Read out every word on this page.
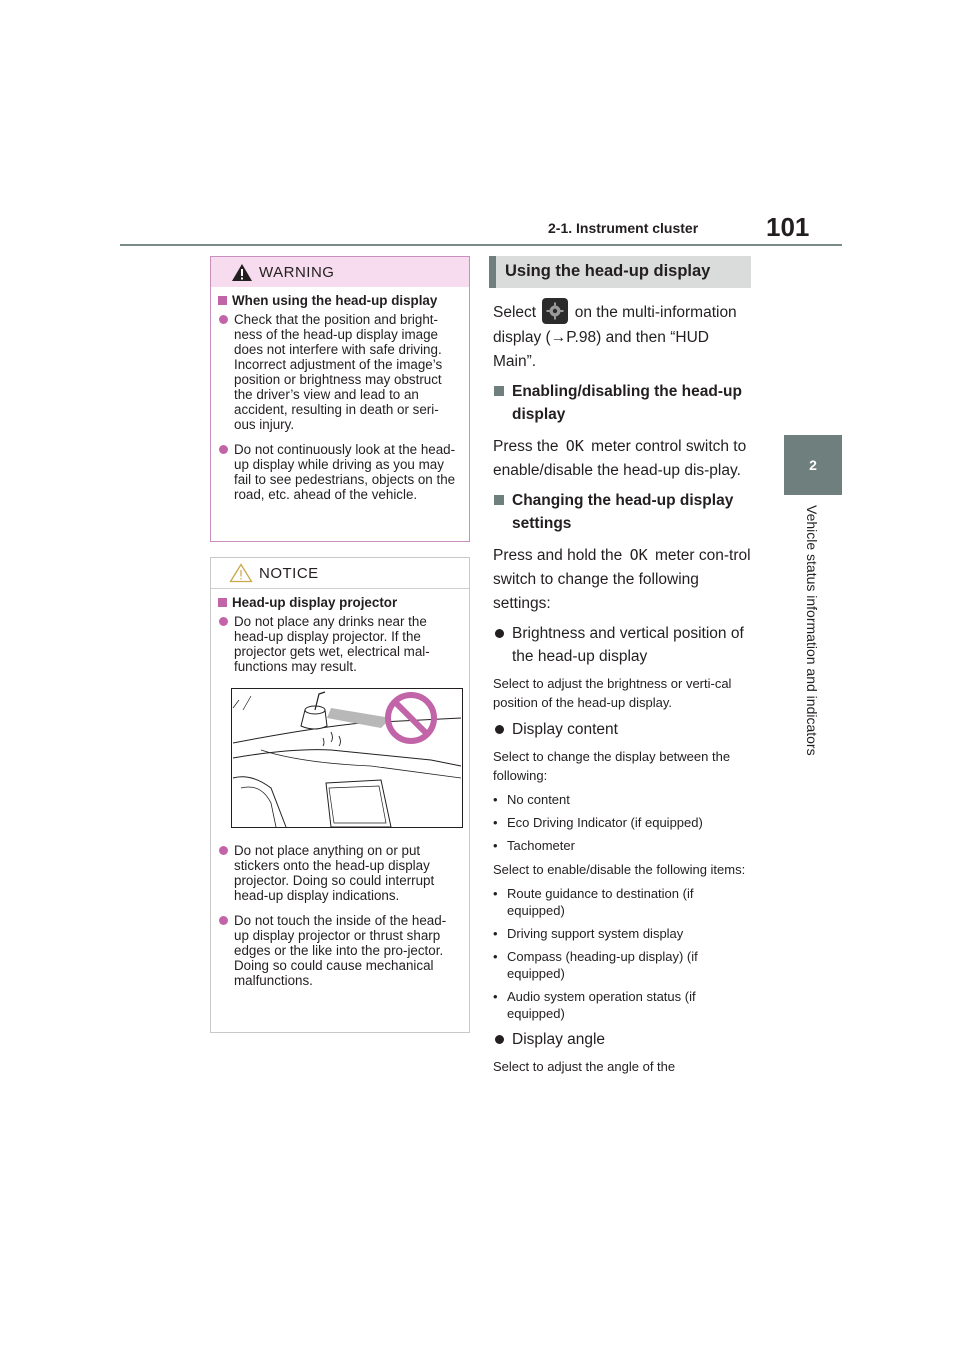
2-1. Instrument cluster	101
2
Vehicle status information and indicators
WARNING
When using the head-up display
Check that the position and bright-ness of the head-up display image does not interfere with safe driving. Incorrect adjustment of the image’s position or brightness may obstruct the driver’s view and lead to an accident, resulting in death or seri-ous injury.
Do not continuously look at the head-up display while driving as you may fail to see pedestrians, objects on the road, etc. ahead of the vehicle.
NOTICE
Head-up display projector
Do not place any drinks near the head-up display projector. If the projector gets wet, electrical mal-functions may result.
Do not place anything on or put stickers onto the head-up display projector. Doing so could interrupt head-up display indications.
Do not touch the inside of the head-up display projector or thrust sharp edges or the like into the pro-jector. Doing so could cause mechanical malfunctions.
Using the head-up display

Select on the multi-information display (→P.98) and then “HUD Main”.

Enabling/disabling the head-up display

Press the OK meter control switch to enable/disable the head-up dis-play.

Changing the head-up display settings

Press and hold the OK meter con-trol switch to change the following settings:

Brightness and vertical position of the head-up display

Select to adjust the brightness or verti-cal position of the head-up display.

Display content

Select to change the display between the following:

• No content
• Eco Driving Indicator (if equipped)
• Tachometer

Select to enable/disable the following items:

• Route guidance to destination (if equipped)
• Driving support system display
• Compass (heading-up display) (if equipped)
• Audio system operation status (if equipped)
Display angle

Select to adjust the angle of the
